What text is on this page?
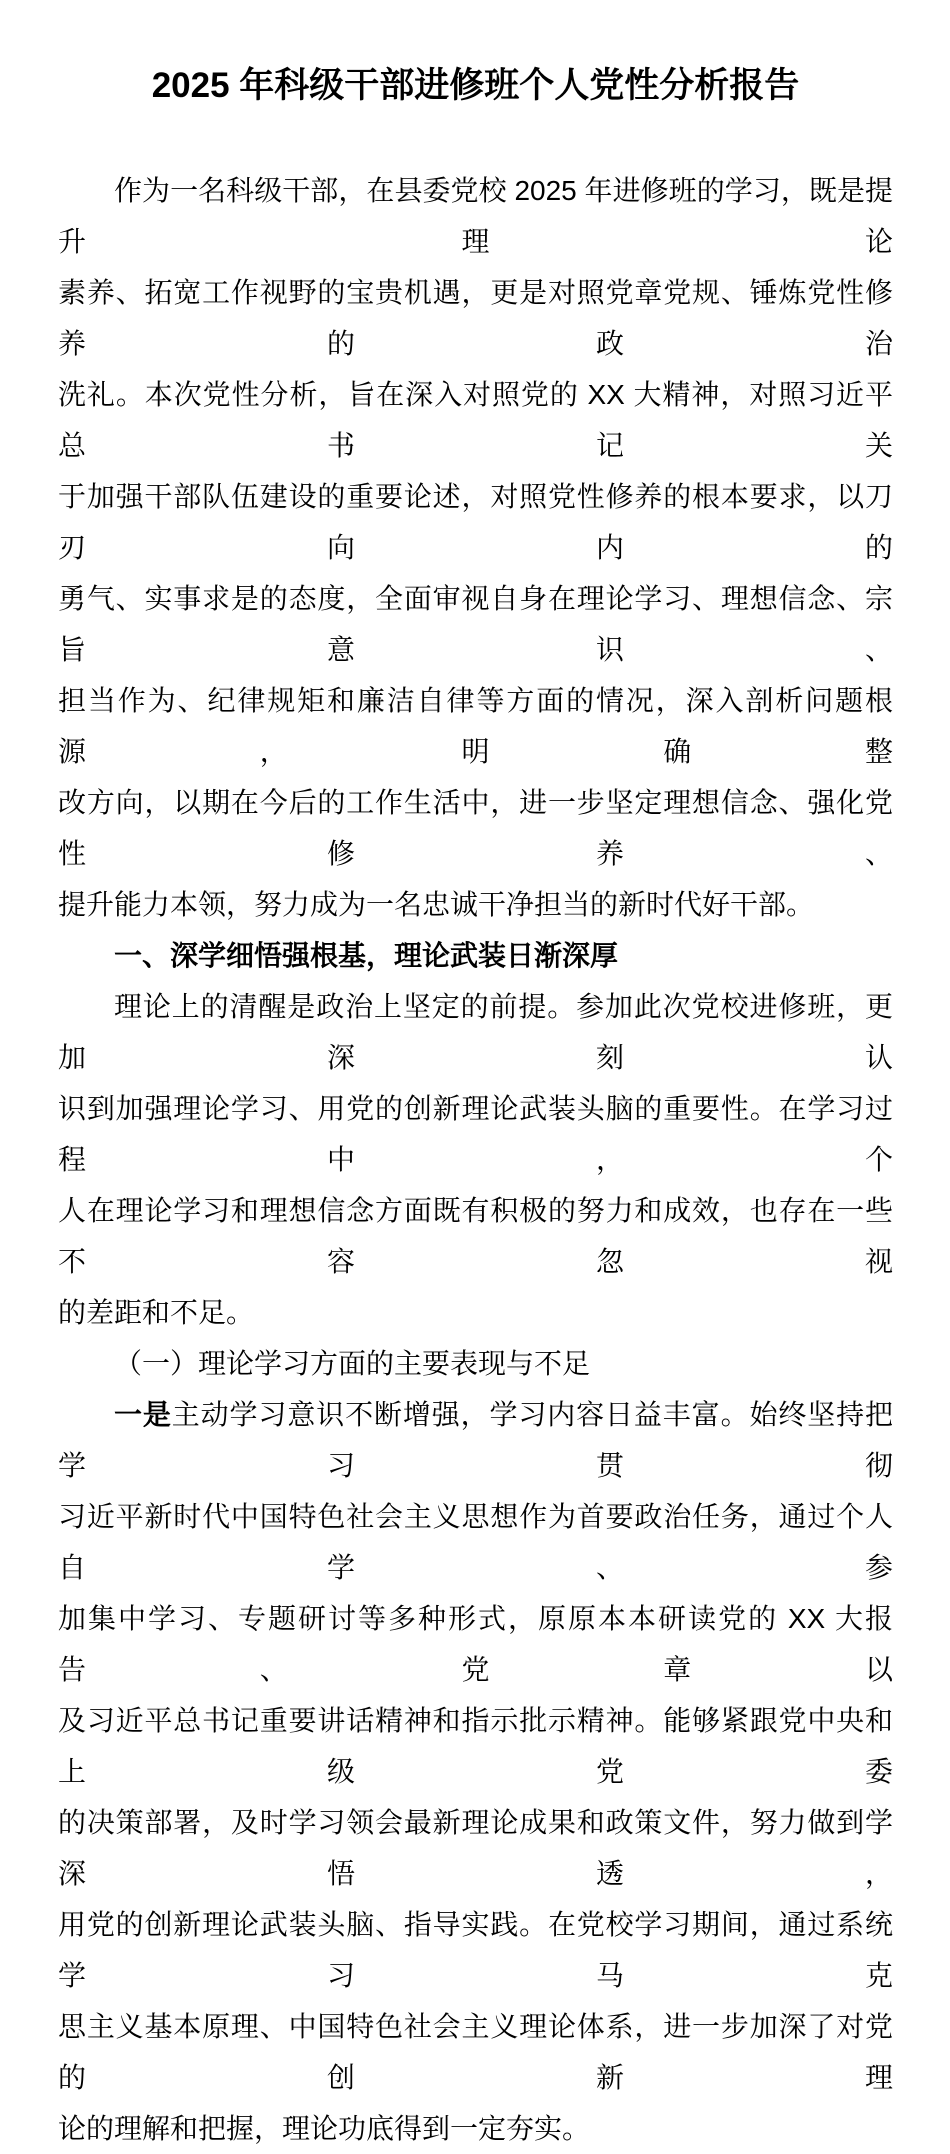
2025 年科级干部进修班个人党性分析报告
作为一名科级干部，在县委党校 2025 年进修班的学习，既是提升理论
素养、拓宽工作视野的宝贵机遇，更是对照党章党规、锤炼党性修养的政治
洗礼。本次党性分析，旨在深入对照党的 XX 大精神，对照习近平总书记关
于加强干部队伍建设的重要论述，对照党性修养的根本要求，以刀刃向内的
勇气、实事求是的态度，全面审视自身在理论学习、理想信念、宗旨意识、
担当作为、纪律规矩和廉洁自律等方面的情况，深入剖析问题根源，明确整
改方向，以期在今后的工作生活中，进一步坚定理想信念、强化党性修养、
提升能力本领，努力成为一名忠诚干净担当的新时代好干部。
一、深学细悟强根基，理论武装日渐深厚
理论上的清醒是政治上坚定的前提。参加此次党校进修班，更加深刻认
识到加强理论学习、用党的创新理论武装头脑的重要性。在学习过程中，个
人在理论学习和理想信念方面既有积极的努力和成效，也存在一些不容忽视
的差距和不足。
（一）理论学习方面的主要表现与不足
一是主动学习意识不断增强，学习内容日益丰富。始终坚持把学习贯彻
习近平新时代中国特色社会主义思想作为首要政治任务，通过个人自学、参
加集中学习、专题研讨等多种形式，原原本本研读党的 XX 大报告、党章以
及习近平总书记重要讲话精神和指示批示精神。能够紧跟党中央和上级党委
的决策部署，及时学习领会最新理论成果和政策文件，努力做到学深悟透，
用党的创新理论武装头脑、指导实践。在党校学习期间，通过系统学习马克
思主义基本原理、中国特色社会主义理论体系，进一步加深了对党的创新理
论的理解和把握，理论功底得到一定夯实。
